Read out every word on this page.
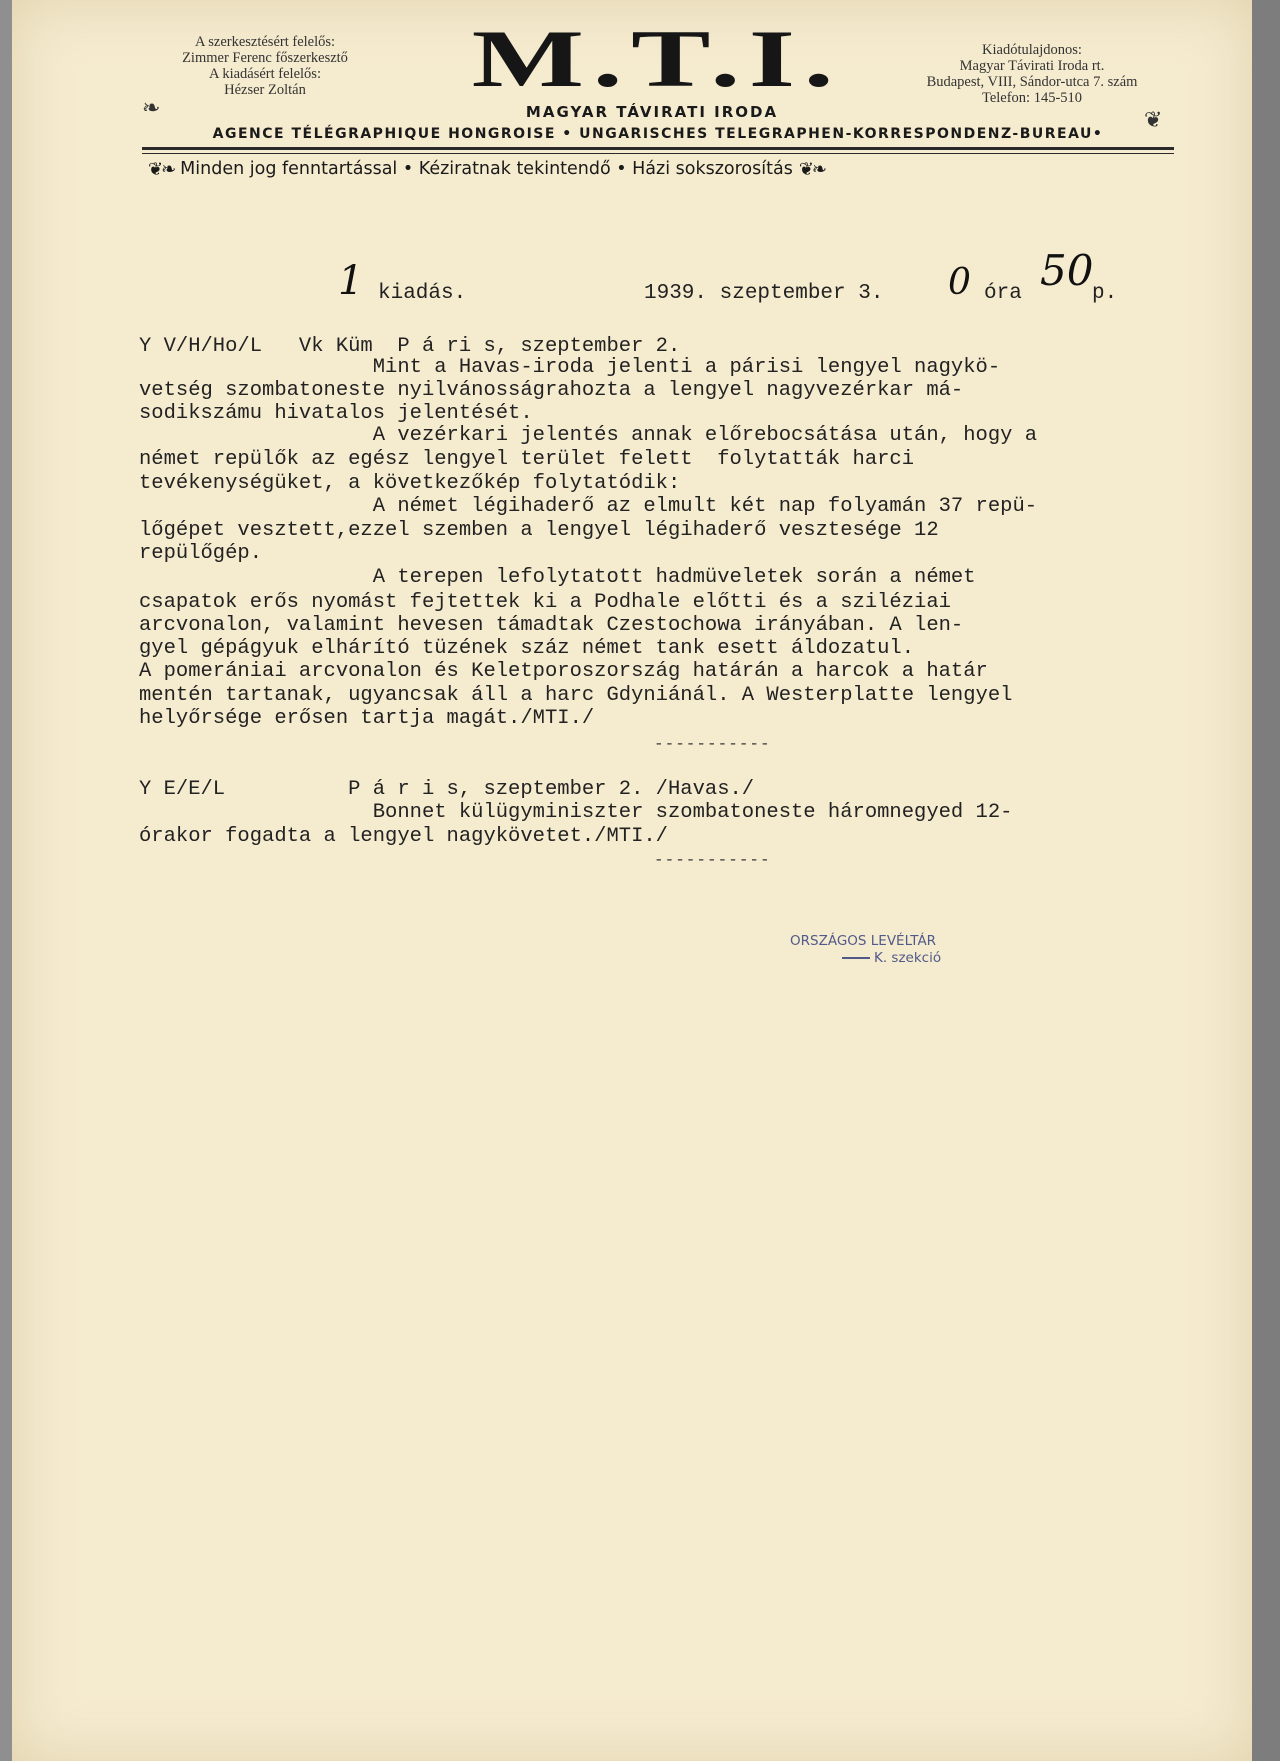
A szerkesztésért felelős:
Zimmer Ferenc főszerkesztő
A kiadásért felelős:
Hézser Zoltán	M.T.I.	Kiadótulajdonos:
Magyar Távirati Iroda rt.
Budapest, VIII, Sándor-utca 7. szám
Telefon: 145-510
❧	MAGYAR TÁVIRATI IRODA	❦
AGENCE TÉLÉGRAPHIQUE HONGROISE • UNGARISCHES TELEGRAPHEN-KORRESPONDENZ-BUREAU•
❦❧ Minden jog fenntartással • Kéziratnak tekintendő • Házi sokszorosítás ❦❧
1 kiadás.	1939. szeptember 3. 0 óra 50
p.
Y V/H/Ho/L   Vk Küm  P á ri s, szeptember 2.
Mint a Havas-iroda jelenti a párisi lengyel nagykö-
vetség szombatoneste nyilvánosságrahozta a lengyel nagyvezérkar má-
sodikszámu hivatalos jelentését.
A vezérkari jelentés annak előrebocsátása után, hogy a
német repülők az egész lengyel terület felett  folytatták harci
tevékenységüket, a következőkép folytatódik:
A német légihaderő az elmult két nap folyamán 37 repü-
lőgépet vesztett,ezzel szemben a lengyel légihaderő vesztesége 12
repülőgép.
A terepen lefolytatott hadmüveletek során a német
csapatok erős nyomást fejtettek ki a Podhale előtti és a sziléziai
arcvonalon, valamint hevesen támadtak Czestochowa irányában. A len-
gyel gépágyuk elhárító tüzének száz német tank esett áldozatul.
A pomerániai arcvonalon és Keletporoszország határán a harcok a határ
mentén tartanak, ugyancsak áll a harc Gdyniánál. A Westerplatte lengyel
helyőrsége erősen tartja magát./MTI./
-----------
Y E/E/L          P á r i s, szeptember 2. /Havas./
Bonnet külügyminiszter szombatoneste háromnegyed 12-
órakor fogadta a lengyel nagykövetet./MTI./
-----------
ORSZÁGOS LEVÉLTÁR
K. szekció
